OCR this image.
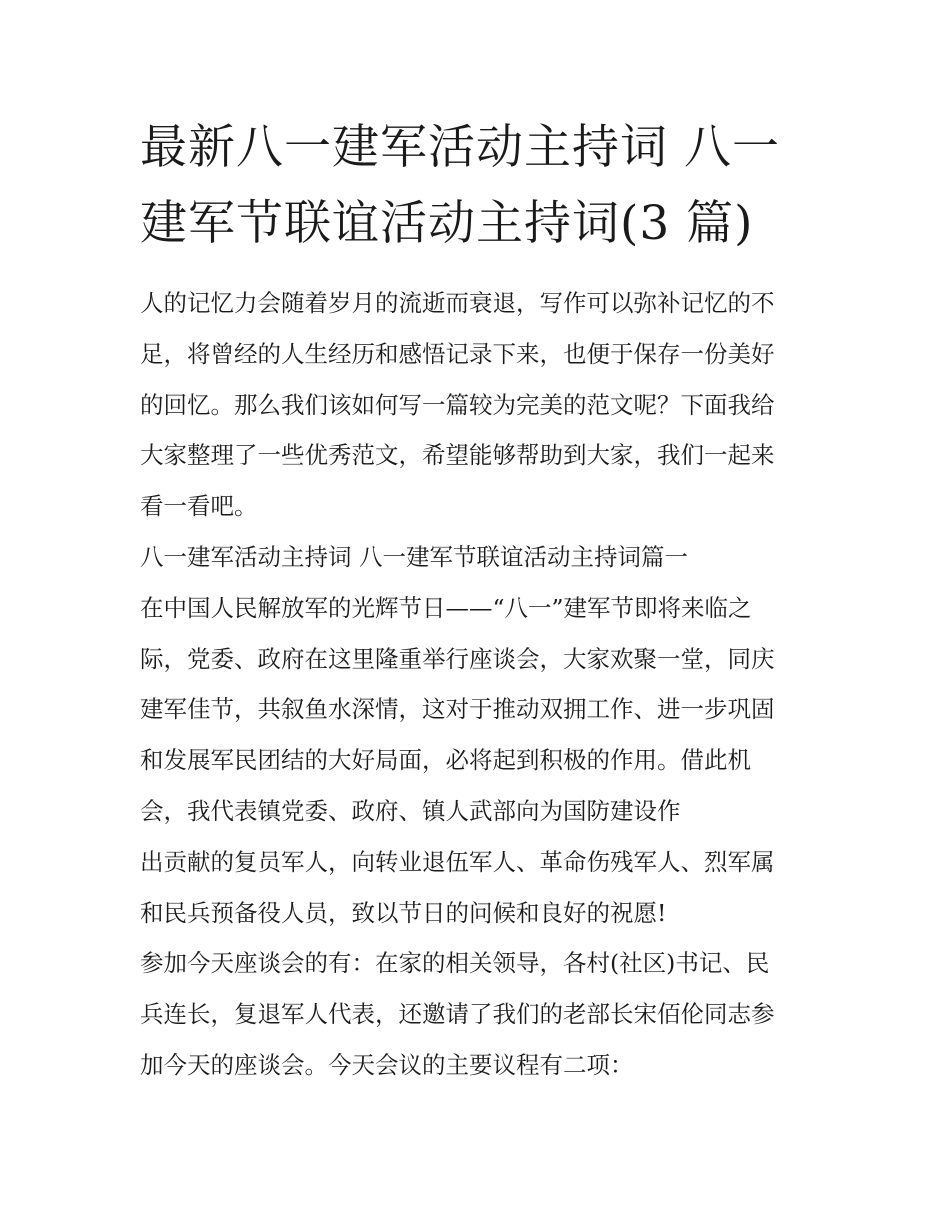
最新八一建军活动主持词 八一
建军节联谊活动主持词(3 篇)
人的记忆力会随着岁月的流逝而衰退，写作可以弥补记忆的不
足，将曾经的人生经历和感悟记录下来，也便于保存一份美好
的回忆。那么我们该如何写一篇较为完美的范文呢？下面我给
大家整理了一些优秀范文，希望能够帮助到大家，我们一起来
看一看吧。
八一建军活动主持词 八一建军节联谊活动主持词篇一
在中国人民解放军的光辉节日——“八一”建军节即将来临之
际，党委、政府在这里隆重举行座谈会，大家欢聚一堂，同庆
建军佳节，共叙鱼水深情，这对于推动双拥工作、进一步巩固
和发展军民团结的大好局面，必将起到积极的作用。借此机
会，我代表镇党委、政府、镇人武部向为国防建设作
出贡献的复员军人，向转业退伍军人、革命伤残军人、烈军属
和民兵预备役人员，致以节日的问候和良好的祝愿!
参加今天座谈会的有：在家的相关领导，各村(社区)书记、民
兵连长，复退军人代表，还邀请了我们的老部长宋佰伦同志参
加今天的座谈会。今天会议的主要议程有二项：
